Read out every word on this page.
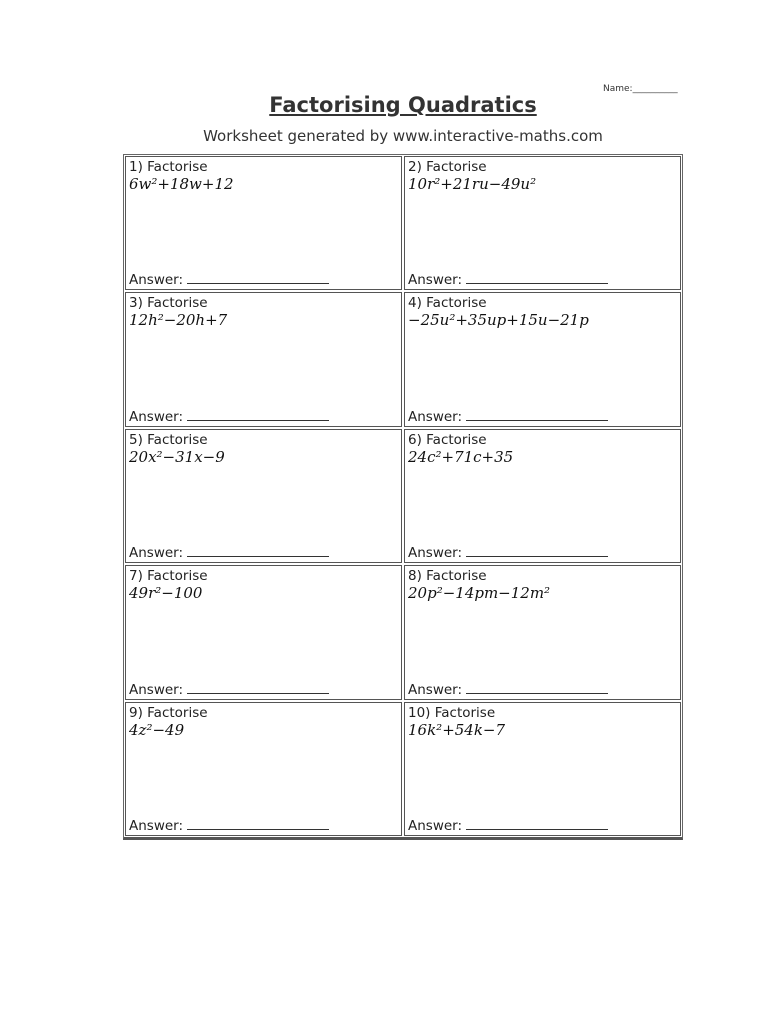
Name:__________
Factorising Quadratics
Worksheet generated by www.interactive-maths.com
1) Factorise
6w²+18w+12
Answer:
2) Factorise
10r²+21ru−49u²
Answer:
3) Factorise
12h²−20h+7
Answer:
4) Factorise
−25u²+35up+15u−21p
Answer:
5) Factorise
20x²−31x−9
Answer:
6) Factorise
24c²+71c+35
Answer:
7) Factorise
49r²−100
Answer:
8) Factorise
20p²−14pm−12m²
Answer:
9) Factorise
4z²−49
Answer:
10) Factorise
16k²+54k−7
Answer:
